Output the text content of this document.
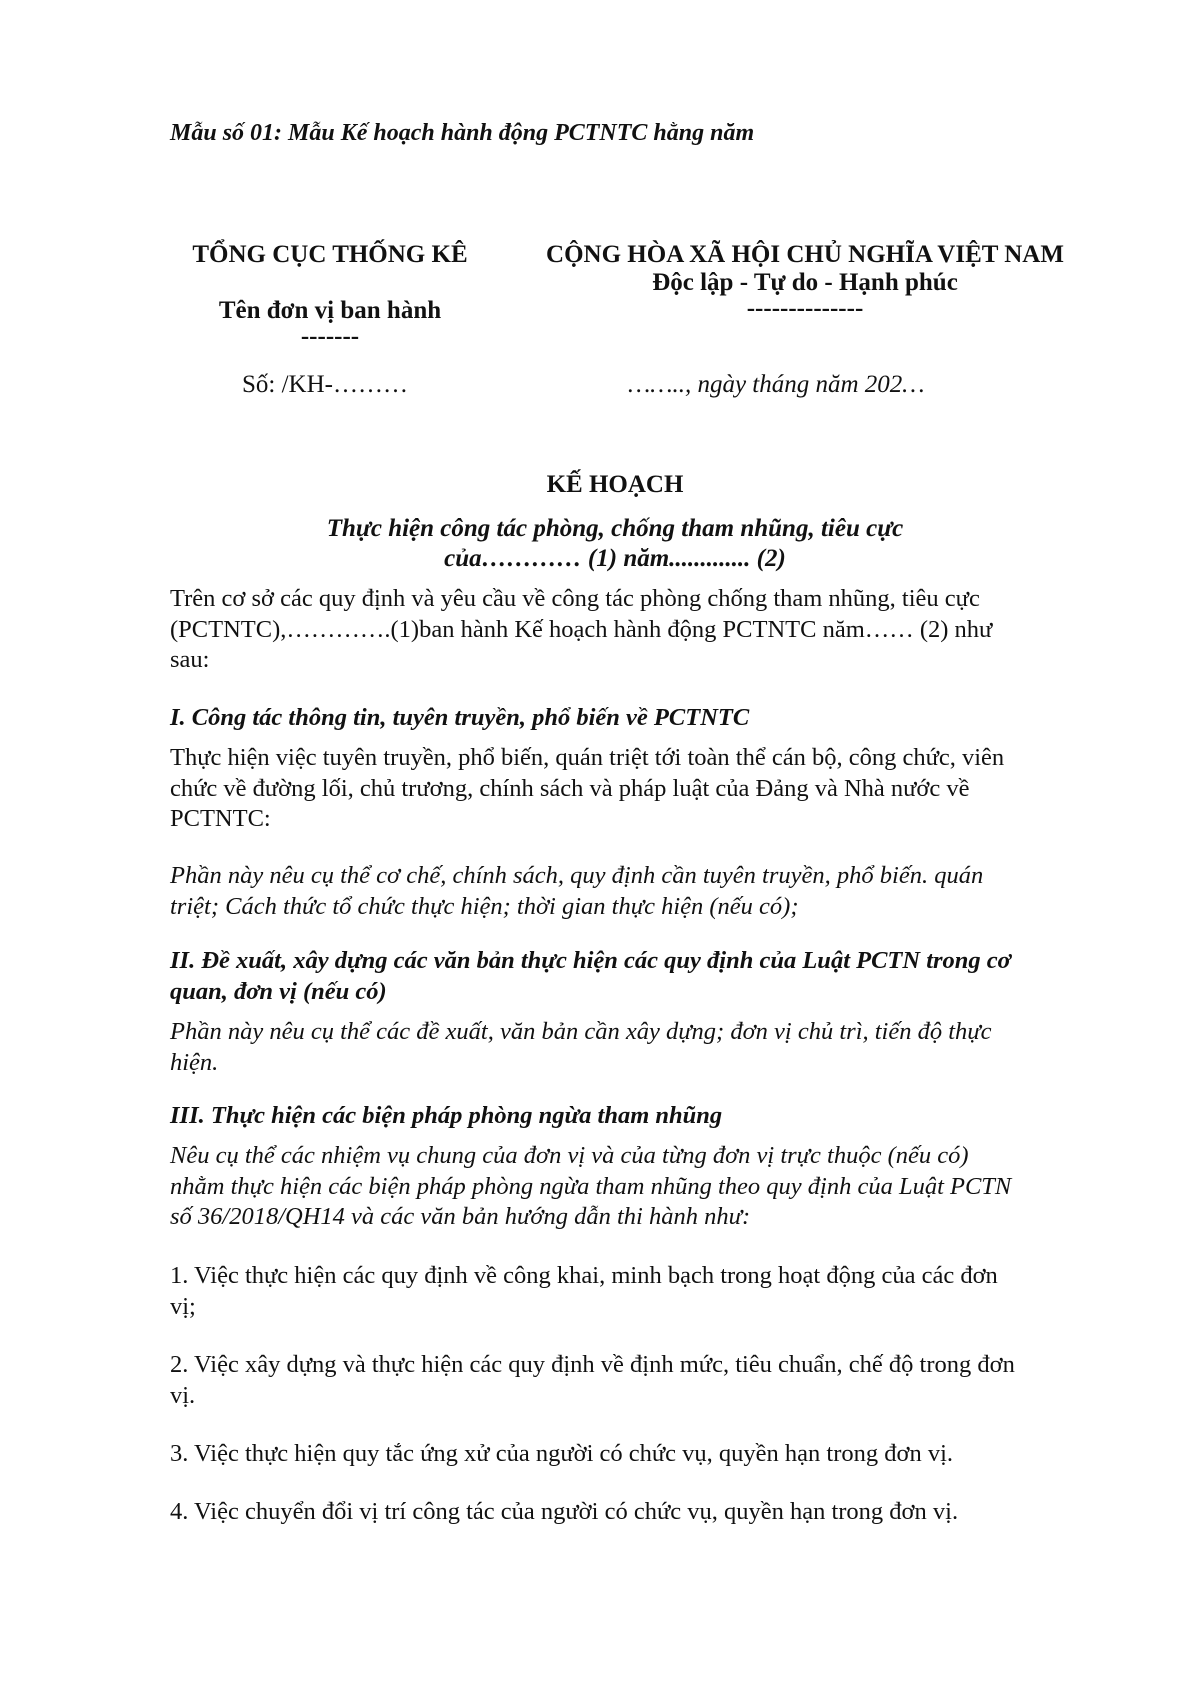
Mẫu số 01: Mẫu Kế hoạch hành động PCTNTC hằng năm
TỔNG CỤC THỐNG KÊ
Tên đơn vị ban hành
-------
Số: /KH-………
CỘNG HÒA XÃ HỘI CHỦ NGHĨA VIỆT NAM
Độc lập - Tự do - Hạnh phúc
--------------
…….., ngày tháng năm 202…
KẾ HOẠCH
Thực hiện công tác phòng, chống tham nhũng, tiêu cực
của………… (1) năm............. (2)
Trên cơ sở các quy định và yêu cầu về công tác phòng chống tham nhũng, tiêu cực
(PCTNTC),………….(1)ban hành Kế hoạch hành động PCTNTC năm…… (2) như
sau:
I. Công tác thông tin, tuyên truyền, phổ biến về PCTNTC
Thực hiện việc tuyên truyền, phổ biến, quán triệt tới toàn thể cán bộ, công chức, viên
chức về đường lối, chủ trương, chính sách và pháp luật của Đảng và Nhà nước về
PCTNTC:
Phần này nêu cụ thể cơ chế, chính sách, quy định cần tuyên truyền, phổ biến. quán
triệt; Cách thức tổ chức thực hiện; thời gian thực hiện (nếu có);
II. Đề xuất, xây dựng các văn bản thực hiện các quy định của Luật PCTN trong cơ
quan, đơn vị (nếu có)
Phần này nêu cụ thể các đề xuất, văn bản cần xây dựng; đơn vị chủ trì, tiến độ thực
hiện.
III. Thực hiện các biện pháp phòng ngừa tham nhũng
Nêu cụ thể các nhiệm vụ chung của đơn vị và của từng đơn vị trực thuộc (nếu có)
nhằm thực hiện các biện pháp phòng ngừa tham nhũng theo quy định của Luật PCTN
số 36/2018/QH14 và các văn bản hướng dẫn thi hành như:
1. Việc thực hiện các quy định về công khai, minh bạch trong hoạt động của các đơn
vị;
2. Việc xây dựng và thực hiện các quy định về định mức, tiêu chuẩn, chế độ trong đơn
vị.
3. Việc thực hiện quy tắc ứng xử của người có chức vụ, quyền hạn trong đơn vị.
4. Việc chuyển đổi vị trí công tác của người có chức vụ, quyền hạn trong đơn vị.
